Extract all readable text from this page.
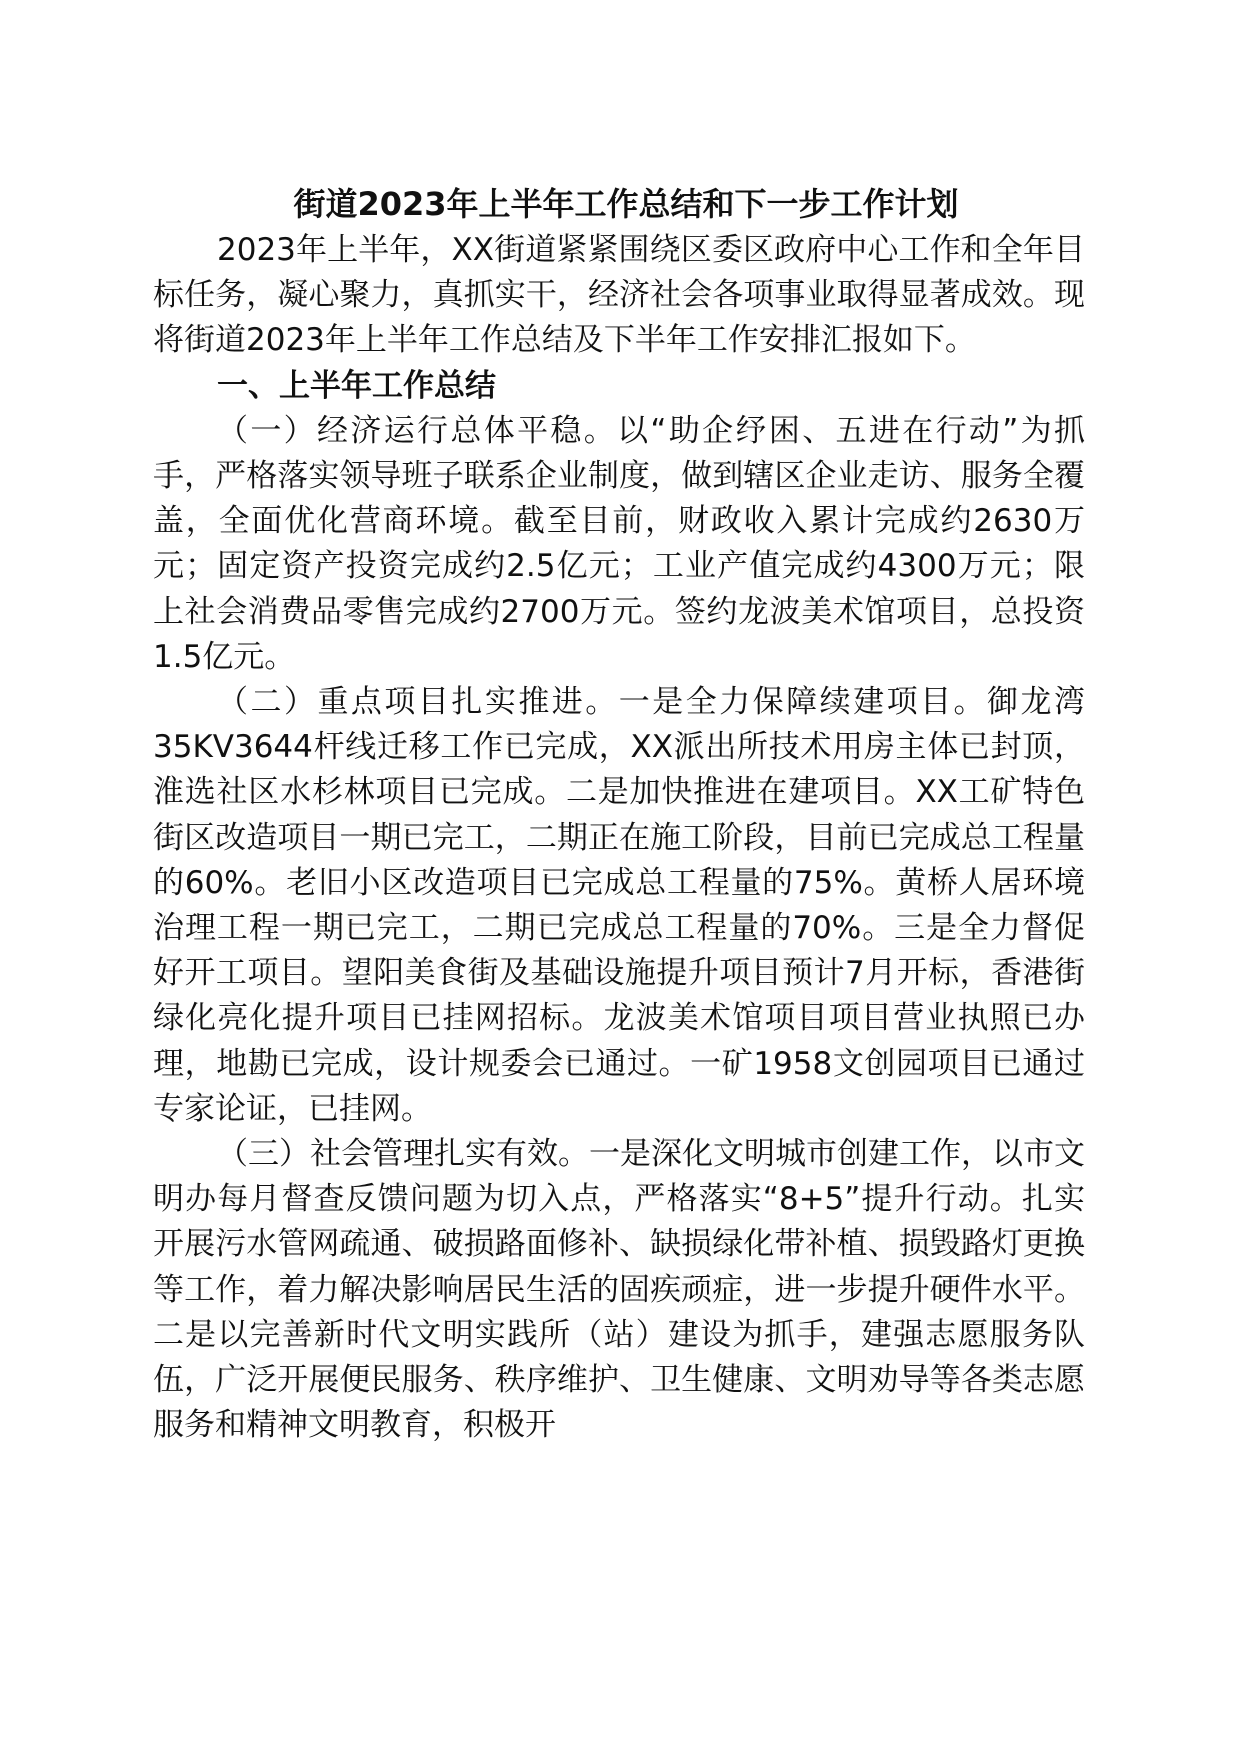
街道2023年上半年工作总结和下一步工作计划

2023年上半年，XX街道紧紧围绕区委区政府中心工作和全年目标任务，凝心聚力，真抓实干，经济社会各项事业取得显著成效。现将街道2023年上半年工作总结及下半年工作安排汇报如下。

一、上半年工作总结

（一）经济运行总体平稳。以“助企纾困、五进在行动”为抓手，严格落实领导班子联系企业制度，做到辖区企业走访、服务全覆盖，全面优化营商环境。截至目前，财政收入累计完成约2630万元；固定资产投资完成约2.5亿元；工业产值完成约4300万元；限上社会消费品零售完成约2700万元。签约龙波美术馆项目，总投资1.5亿元。

（二）重点项目扎实推进。一是全力保障续建项目。御龙湾35KV3644杆线迁移工作已完成，XX派出所技术用房主体已封顶，淮选社区水杉林项目已完成。二是加快推进在建项目。XX工矿特色街区改造项目一期已完工，二期正在施工阶段，目前已完成总工程量的60%。老旧小区改造项目已完成总工程量的75%。黄桥人居环境治理工程一期已完工，二期已完成总工程量的70%。三是全力督促好开工项目。望阳美食街及基础设施提升项目预计7月开标，香港街绿化亮化提升项目已挂网招标。龙波美术馆项目项目营业执照已办理，地勘已完成，设计规委会已通过。一矿1958文创园项目已通过专家论证，已挂网。

（三）社会管理扎实有效。一是深化文明城市创建工作，以市文明办每月督查反馈问题为切入点，严格落实“8+5”提升行动。扎实开展污水管网疏通、破损路面修补、缺损绿化带补植、损毁路灯更换等工作，着力解决影响居民生活的固疾顽症，进一步提升硬件水平。二是以完善新时代文明实践所（站）建设为抓手，建强志愿服务队伍，广泛开展便民服务、秩序维护、卫生健康、文明劝导等各类志愿服务和精神文明教育，积极开
